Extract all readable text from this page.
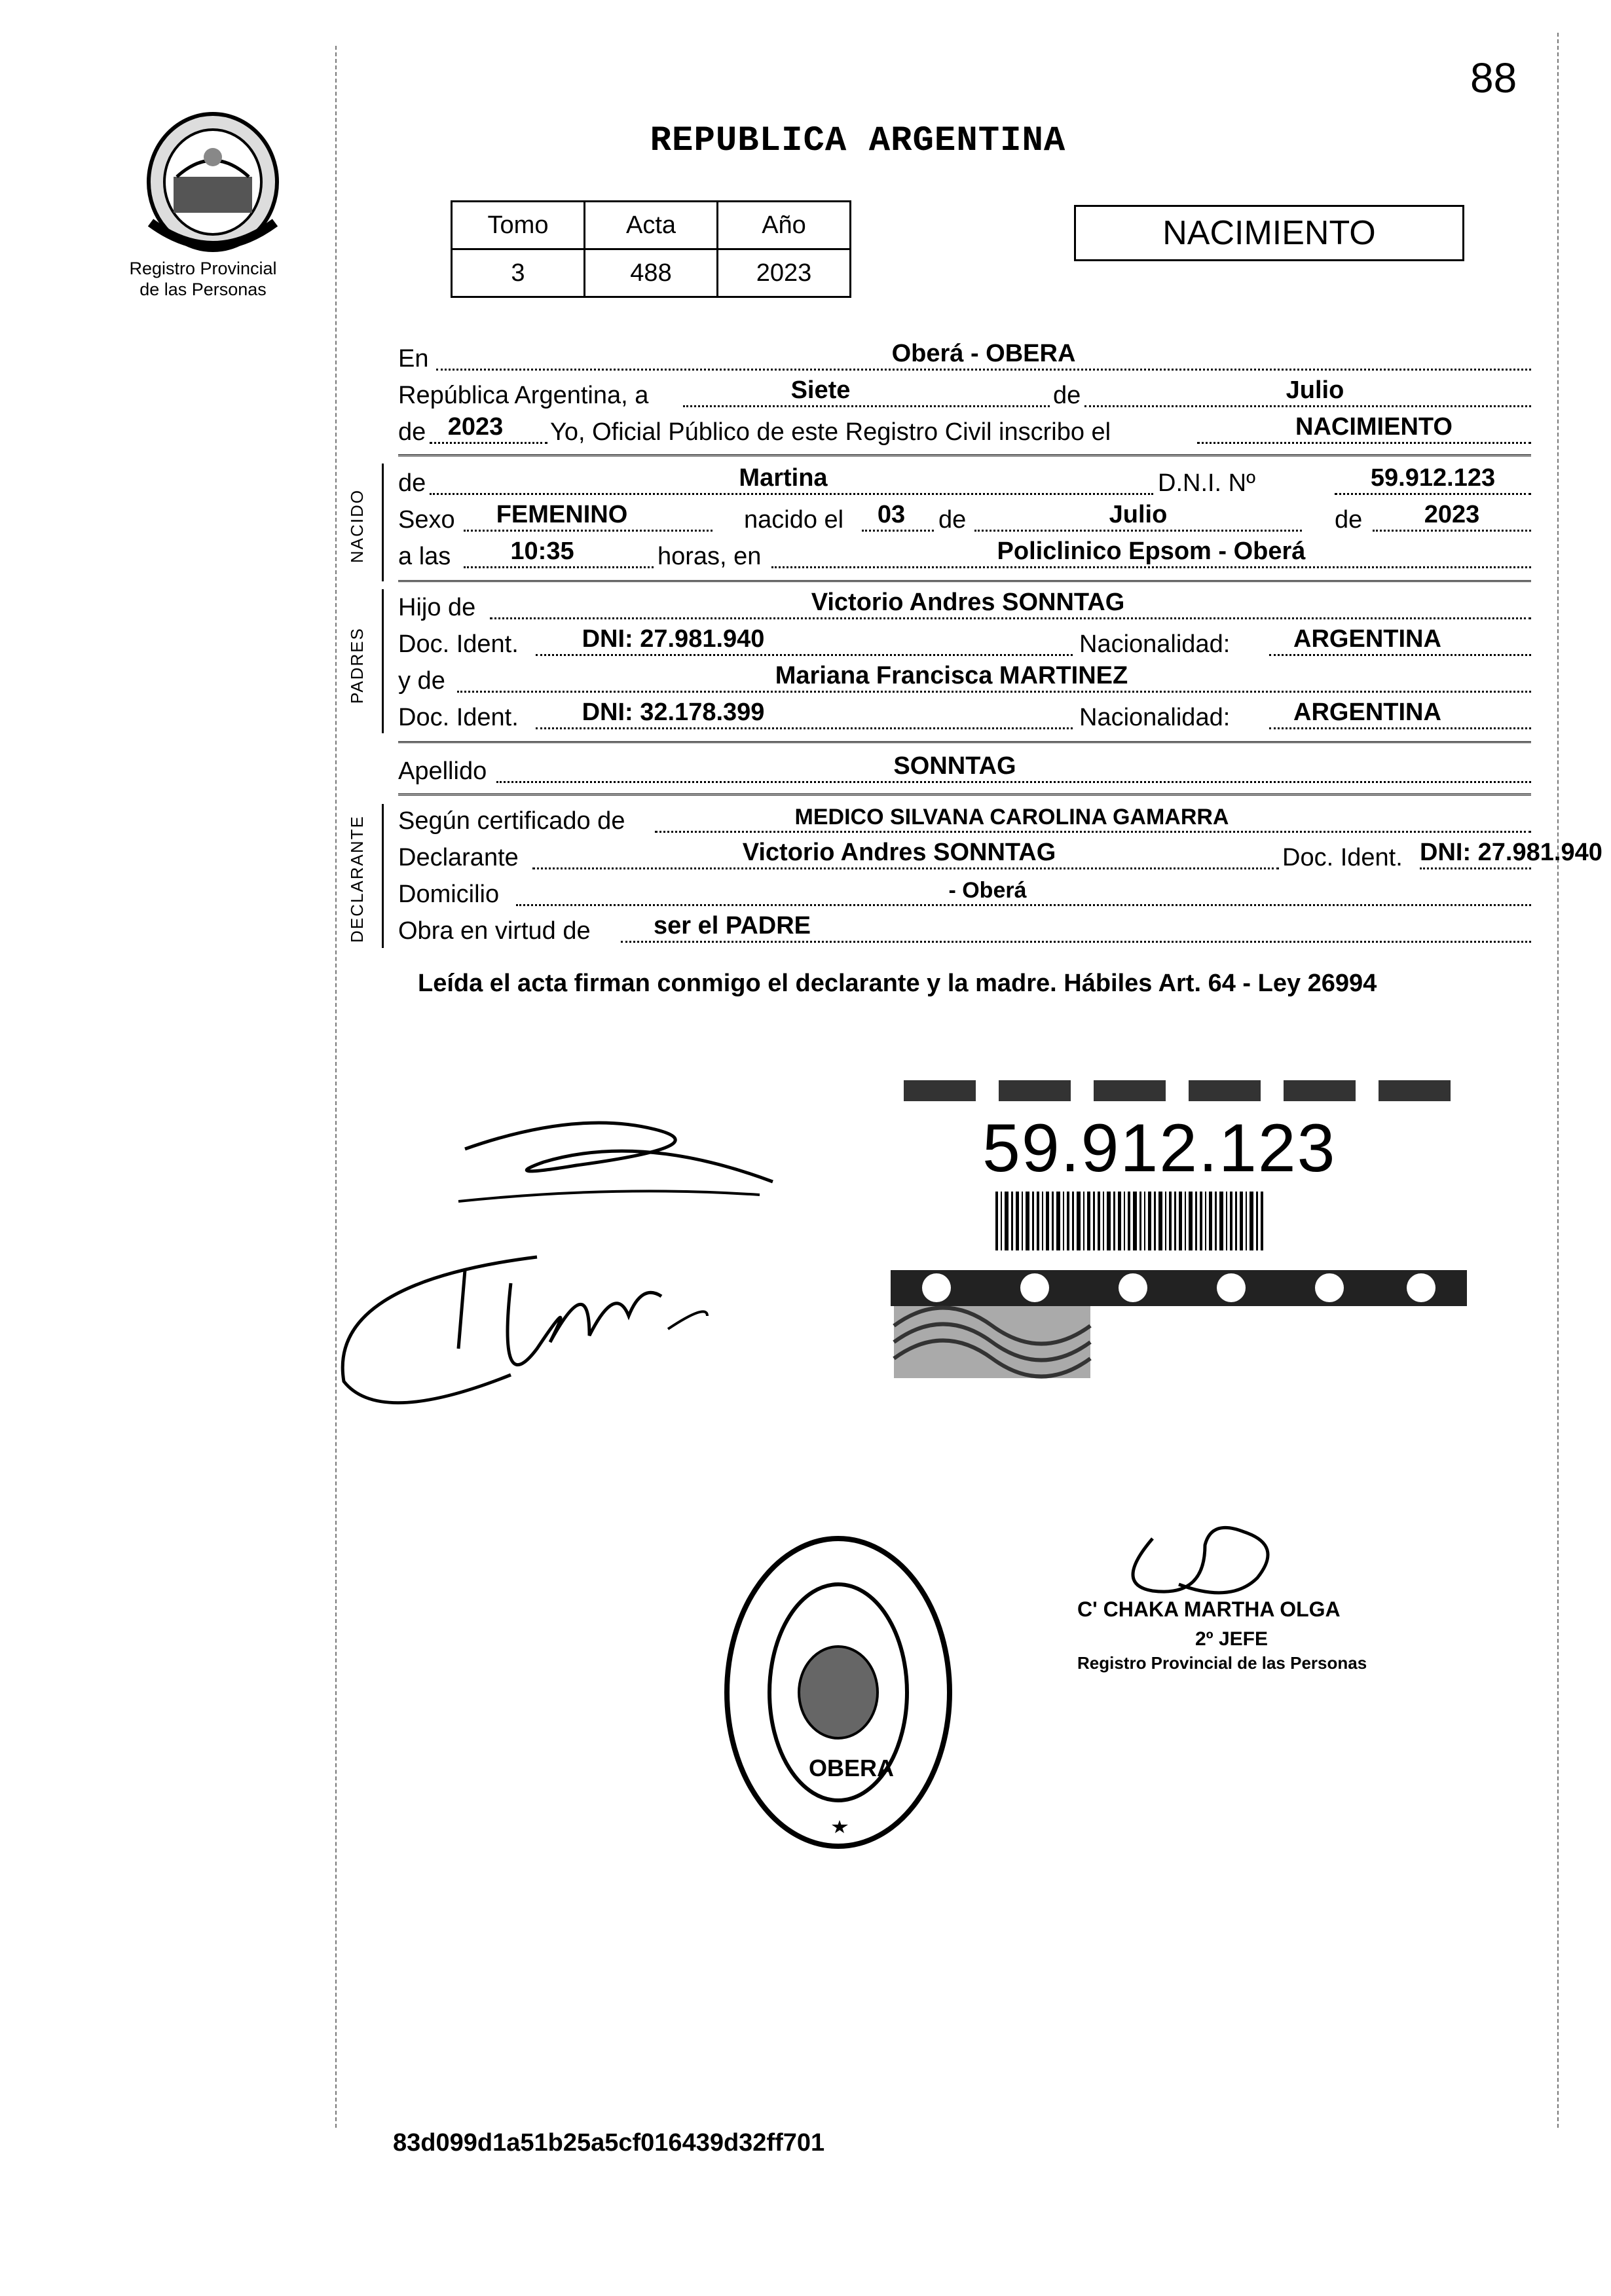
88
Registro Provincial
de las Personas
REPUBLICA ARGENTINA
Tomo	Acta	Año
3	488	2023
NACIMIENTO
En	Oberá - OBERA
República Argentina, a	Siete	de	Julio
de 2023	Yo, Oficial Público de este Registro Civil inscribo el	NACIMIENTO
NACIDO
de	Martina	D.N.I. Nº	59.912.123
Sexo	FEMENINO	nacido el	03	de	Julio	de	2023
a las	10:35	horas, en	Policlinico Epsom - Oberá
PADRES
Hijo de	Victorio Andres SONNTAG
Doc. Ident.	DNI: 27.981.940	Nacionalidad:	ARGENTINA
y de	Mariana Francisca MARTINEZ
Doc. Ident.	DNI: 32.178.399	Nacionalidad:	ARGENTINA
Apellido	SONNTAG
DECLARANTE Según certificado de	MEDICO SILVANA CAROLINA GAMARRA
Declarante	Victorio Andres SONNTAG	Doc. Ident. DNI: 27.981.940
Domicilio	- Oberá
Obra en virtud de	ser el PADRE
Leída el acta firman conmigo el declarante y la madre. Hábiles Art. 64 - Ley 26994
59.912.123
OBERA
C' CHAKA MARTHA OLGA
2º JEFE
Registro Provincial de las Personas
83d099d1a51b25a5cf016439d32ff701
